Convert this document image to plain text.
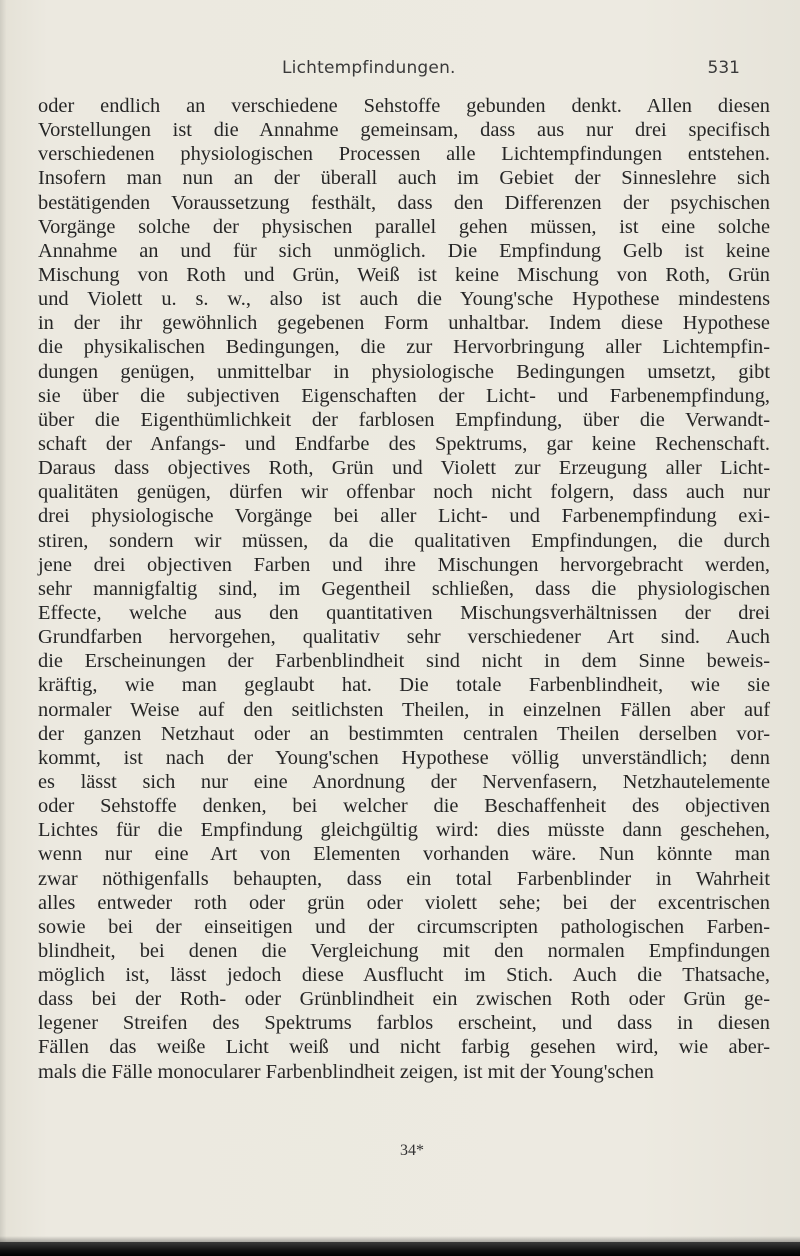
Lichtempfindungen.	531
oder endlich an verschiedene Sehstoffe gebunden denkt. Allen diesen
Vorstellungen ist die Annahme gemeinsam, dass aus nur drei specifisch
verschiedenen physiologischen Processen alle Lichtempfindungen entstehen.
Insofern man nun an der überall auch im Gebiet der Sinneslehre sich
bestätigenden Voraussetzung festhält, dass den Differenzen der psychischen
Vorgänge solche der physischen parallel gehen müssen, ist eine solche
Annahme an und für sich unmöglich. Die Empfindung Gelb ist keine
Mischung von Roth und Grün, Weiß ist keine Mischung von Roth, Grün
und Violett u. s. w., also ist auch die Young'sche Hypothese mindestens
in der ihr gewöhnlich gegebenen Form unhaltbar. Indem diese Hypothese
die physikalischen Bedingungen, die zur Hervorbringung aller Lichtempfin-
dungen genügen, unmittelbar in physiologische Bedingungen umsetzt, gibt
sie über die subjectiven Eigenschaften der Licht- und Farbenempfindung,
über die Eigenthümlichkeit der farblosen Empfindung, über die Verwandt-
schaft der Anfangs- und Endfarbe des Spektrums, gar keine Rechenschaft.
Daraus dass objectives Roth, Grün und Violett zur Erzeugung aller Licht-
qualitäten genügen, dürfen wir offenbar noch nicht folgern, dass auch nur
drei physiologische Vorgänge bei aller Licht- und Farbenempfindung exi-
stiren, sondern wir müssen, da die qualitativen Empfindungen, die durch
jene drei objectiven Farben und ihre Mischungen hervorgebracht werden,
sehr mannigfaltig sind, im Gegentheil schließen, dass die physiologischen
Effecte, welche aus den quantitativen Mischungsverhältnissen der drei
Grundfarben hervorgehen, qualitativ sehr verschiedener Art sind. Auch
die Erscheinungen der Farbenblindheit sind nicht in dem Sinne beweis-
kräftig, wie man geglaubt hat. Die totale Farbenblindheit, wie sie
normaler Weise auf den seitlichsten Theilen, in einzelnen Fällen aber auf
der ganzen Netzhaut oder an bestimmten centralen Theilen derselben vor-
kommt, ist nach der Young'schen Hypothese völlig unverständlich; denn
es lässt sich nur eine Anordnung der Nervenfasern, Netzhautelemente
oder Sehstoffe denken, bei welcher die Beschaffenheit des objectiven
Lichtes für die Empfindung gleichgültig wird: dies müsste dann geschehen,
wenn nur eine Art von Elementen vorhanden wäre. Nun könnte man
zwar nöthigenfalls behaupten, dass ein total Farbenblinder in Wahrheit
alles entweder roth oder grün oder violett sehe; bei der excentrischen
sowie bei der einseitigen und der circumscripten pathologischen Farben-
blindheit, bei denen die Vergleichung mit den normalen Empfindungen
möglich ist, lässt jedoch diese Ausflucht im Stich. Auch die Thatsache,
dass bei der Roth- oder Grünblindheit ein zwischen Roth oder Grün ge-
legener Streifen des Spektrums farblos erscheint, und dass in diesen
Fällen das weiße Licht weiß und nicht farbig gesehen wird, wie aber-
mals die Fälle monocularer Farbenblindheit zeigen, ist mit der Young'schen
34*
